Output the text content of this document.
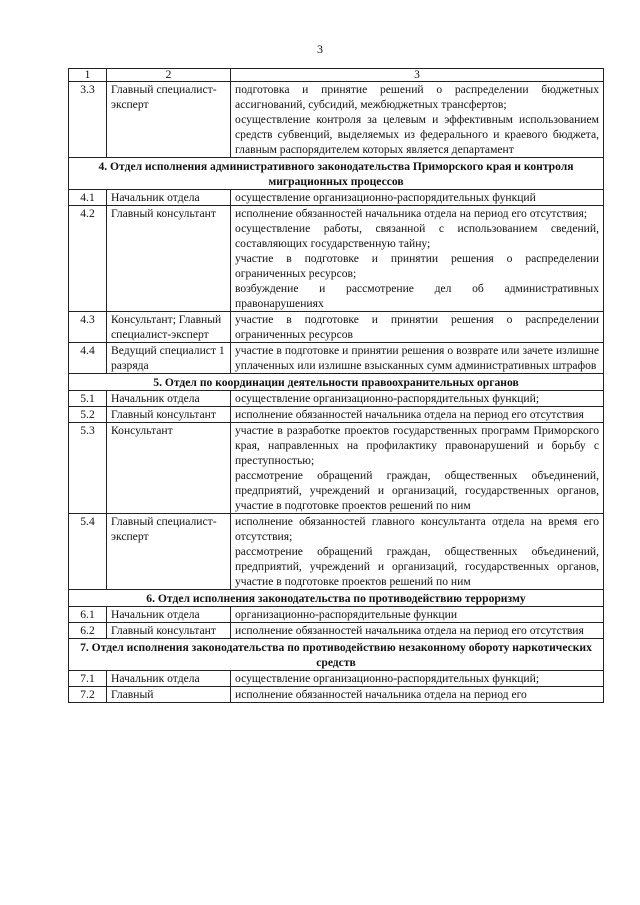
3
1	2	3
3.3	Главный специалист-эксперт	подготовка и принятие решений о распределении бюджетных ассигнований, субсидий, межбюджетных трансфертов;
осуществление контроля за целевым и эффективным использованием средств субвенций, выделяемых из федерального и краевого бюджета, главным распорядителем которых является департамент

4. Отдел исполнения административного законодательства Приморского края и контроля миграционных процессов		
4.1	Начальник отдела	осуществление организационно-распорядительных функций

4.2	Главный консультант	исполнение обязанностей начальника отдела на период его отсутствия;
осуществление работы, связанной с использованием сведений, составляющих государственную тайну;
участие в подготовке и принятии решения о распределении ограниченных ресурсов;
возбуждение и рассмотрение дел об административных правонарушениях

4.3	Консультант; Главный специалист-эксперт	участие в подготовке и принятии решения о распределении ограниченных ресурсов

4.4	Ведущий специалист 1 разряда	участие в подготовке и принятии решения о возврате или зачете излишне уплаченных или излишне взысканных сумм административных штрафов

5. Отдел по координации деятельности правоохранительных органов		
5.1	Начальник отдела	осуществление организационно-распорядительных функций;

5.2	Главный консультант	исполнение обязанностей начальника отдела на период его отсутствия

5.3	Консультант	участие в разработке проектов государственных программ Приморского края, направленных на профилактику правонарушений и борьбу с преступностью;
рассмотрение обращений граждан, общественных объединений, предприятий, учреждений и организаций, государственных органов, участие в подготовке проектов решений по ним

5.4	Главный специалист-эксперт	исполнение обязанностей главного консультанта отдела на время его отсутствия;
рассмотрение обращений граждан, общественных объединений, предприятий, учреждений и организаций, государственных органов, участие в подготовке проектов решений по ним

6. Отдел исполнения законодательства по противодействию терроризму		
6.1	Начальник отдела	организационно-распорядительные функции

6.2	Главный консультант	исполнение обязанностей начальника отдела на период его отсутствия

7. Отдел исполнения законодательства по противодействию незаконному обороту наркотических средств		
7.1	Начальник отдела	осуществление организационно-распорядительных функций;

7.2	Главный	исполнение обязанностей начальника отдела на период его
